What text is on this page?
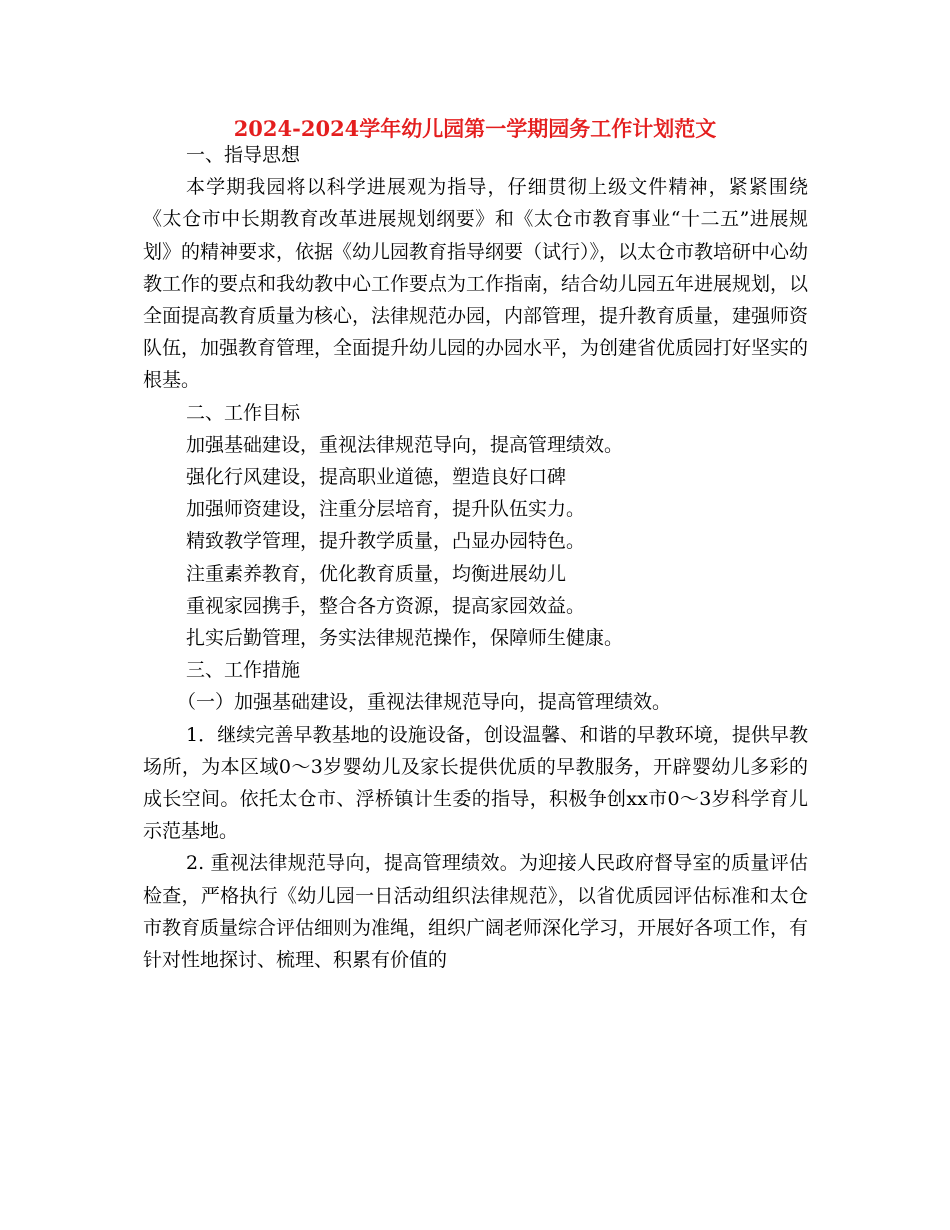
2024-2024学年幼儿园第一学期园务工作计划范文

一、指导思想

本学期我园将以科学进展观为指导，仔细贯彻上级文件精神，紧紧围绕《太仓市中长期教育改革进展规划纲要》和《太仓市教育事业“十二五”进展规划》的精神要求，依据《幼儿园教育指导纲要（试行）》，以太仓市教培研中心幼教工作的要点和我幼教中心工作要点为工作指南，结合幼儿园五年进展规划，以全面提高教育质量为核心，法律规范办园，内部管理，提升教育质量，建强师资队伍，加强教育管理，全面提升幼儿园的办园水平，为创建省优质园打好坚实的根基。

二、工作目标

加强基础建设，重视法律规范导向，提高管理绩效。

强化行风建设，提高职业道德，塑造良好口碑

加强师资建设，注重分层培育，提升队伍实力。

精致教学管理，提升教学质量，凸显办园特色。

注重素养教育，优化教育质量，均衡进展幼儿

重视家园携手，整合各方资源，提高家园效益。

扎实后勤管理，务实法律规范操作，保障师生健康。

三、工作措施

（一）加强基础建设，重视法律规范导向，提高管理绩效。

1．继续完善早教基地的设施设备，创设温馨、和谐的早教环境，提供早教场所，为本区域0～3岁婴幼儿及家长提供优质的早教服务，开辟婴幼儿多彩的成长空间。依托太仓市、浮桥镇计生委的指导，积极争创xx市0～3岁科学育儿示范基地。

2. 重视法律规范导向，提高管理绩效。为迎接人民政府督导室的质量评估检查，严格执行《幼儿园一日活动组织法律规范》，以省优质园评估标准和太仓市教育质量综合评估细则为准绳，组织广阔老师深化学习，开展好各项工作，有针对性地探讨、梳理、积累有价值的
